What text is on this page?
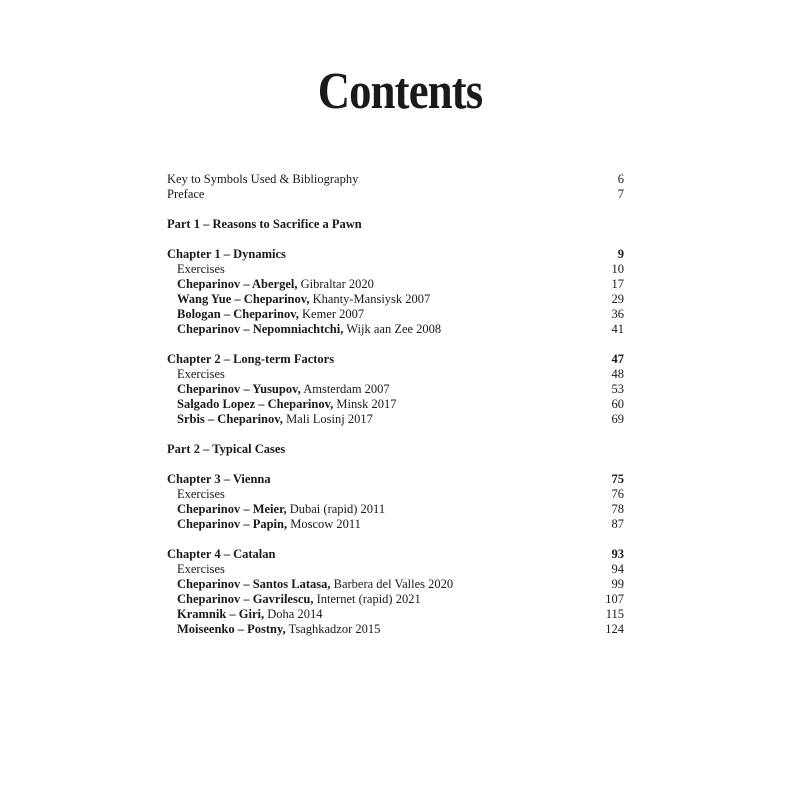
Contents
Key to Symbols Used & Bibliography	6
Preface	7
Part 1 – Reasons to Sacrifice a Pawn
Chapter 1 – Dynamics	9
Exercises	10
Cheparinov – Abergel, Gibraltar 2020	17
Wang Yue – Cheparinov, Khanty-Mansiysk 2007	29
Bologan – Cheparinov, Kemer 2007	36
Cheparinov – Nepomniachtchi, Wijk aan Zee 2008	41
Chapter 2 – Long-term Factors	47
Exercises	48
Cheparinov – Yusupov, Amsterdam 2007	53
Salgado Lopez – Cheparinov, Minsk 2017	60
Srbis – Cheparinov, Mali Losinj 2017	69
Part 2 – Typical Cases
Chapter 3 – Vienna	75
Exercises	76
Cheparinov – Meier, Dubai (rapid) 2011	78
Cheparinov – Papin, Moscow 2011	87
Chapter 4 – Catalan	93
Exercises	94
Cheparinov – Santos Latasa, Barbera del Valles 2020	99
Cheparinov – Gavrilescu, Internet (rapid) 2021	107
Kramnik – Giri, Doha 2014	115
Moiseenko – Postny, Tsaghkadzor 2015	124
